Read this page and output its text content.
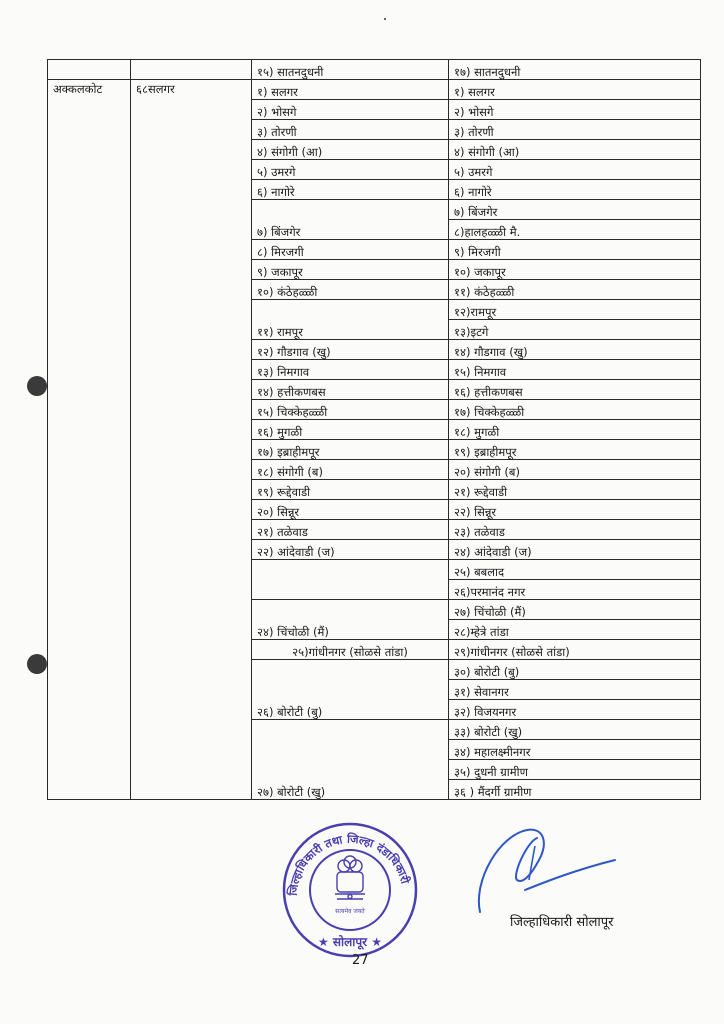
		१५) सातनदुधनी	१७) सातनदुधनी
अक्कलकोट	६८सलगर	१) सलगर	१) सलगर
		२) भोसगे	२) भोसगे
		३) तोरणी	३) तोरणी
		४) संगोगी (आ)	४) संगोगी (आ)
		५) उमरगे	५) उमरगे
		६) नागोरे	६) नागोरे
		७) बिंजगेर	७) बिंजगेर
			८)हालहळ्ळी मै.
		८) मिरजगी	९) मिरजगी
		९) जकापूर	१०) जकापूर
		१०) कंठेहळ्ळी	११) कंठेहळ्ळी
		११) रामपूर	१२)रामपूर
			१३)इटगे
		१२) गौडगाव (खु)	१४) गौडगाव (खु)
		१३) निमगाव	१५) निमगाव
		१४) हत्तीकणबस	१६) हत्तीकणबस
		१५) चिक्केहळ्ळी	१७) चिक्केहळ्ळी
		१६) मुगळी	१८) मुगळी
		१७) इब्राहीमपूर	१९) इब्राहीमपूर
		१८) संगोगी (ब)	२०) संगोगी (ब)
		१९) रूद्देवाडी	२१) रूद्देवाडी
		२०) सिन्नूर	२२) सिन्नूर
		२१) तळेवाड	२३) तळेवाड
		२२) आंदेवाडी (ज)	२४) आंदेवाडी (ज)
			२५) बबलाद
			२६)परमानंद नगर
		२४) चिंचोळी (मैं)	२७) चिंचोळी (मैं)
			२८)म्हेत्रे तांडा
		२५)गांधीनगर (सोळसे तांडा)	२९)गांधीनगर (सोळसे तांडा)
		२६) बोरोटी (बु)	३०) बोरोटी (बु)
			३१) सेवानगर
			३२) विजयनगर
		२७) बोरोटी (खु)	३३) बोरोटी (खु)
			३४) महालक्ष्मीनगर
			३५) दुधनी ग्रामीण
			३६ ) मैंदर्गी ग्रामीण
जिल्हाधिकारी तथा जिल्हा दंडाधिकारी
★ सोलापूर ★
सत्यमेव जयते
जिल्हाधिकारी सोलापूर
27
